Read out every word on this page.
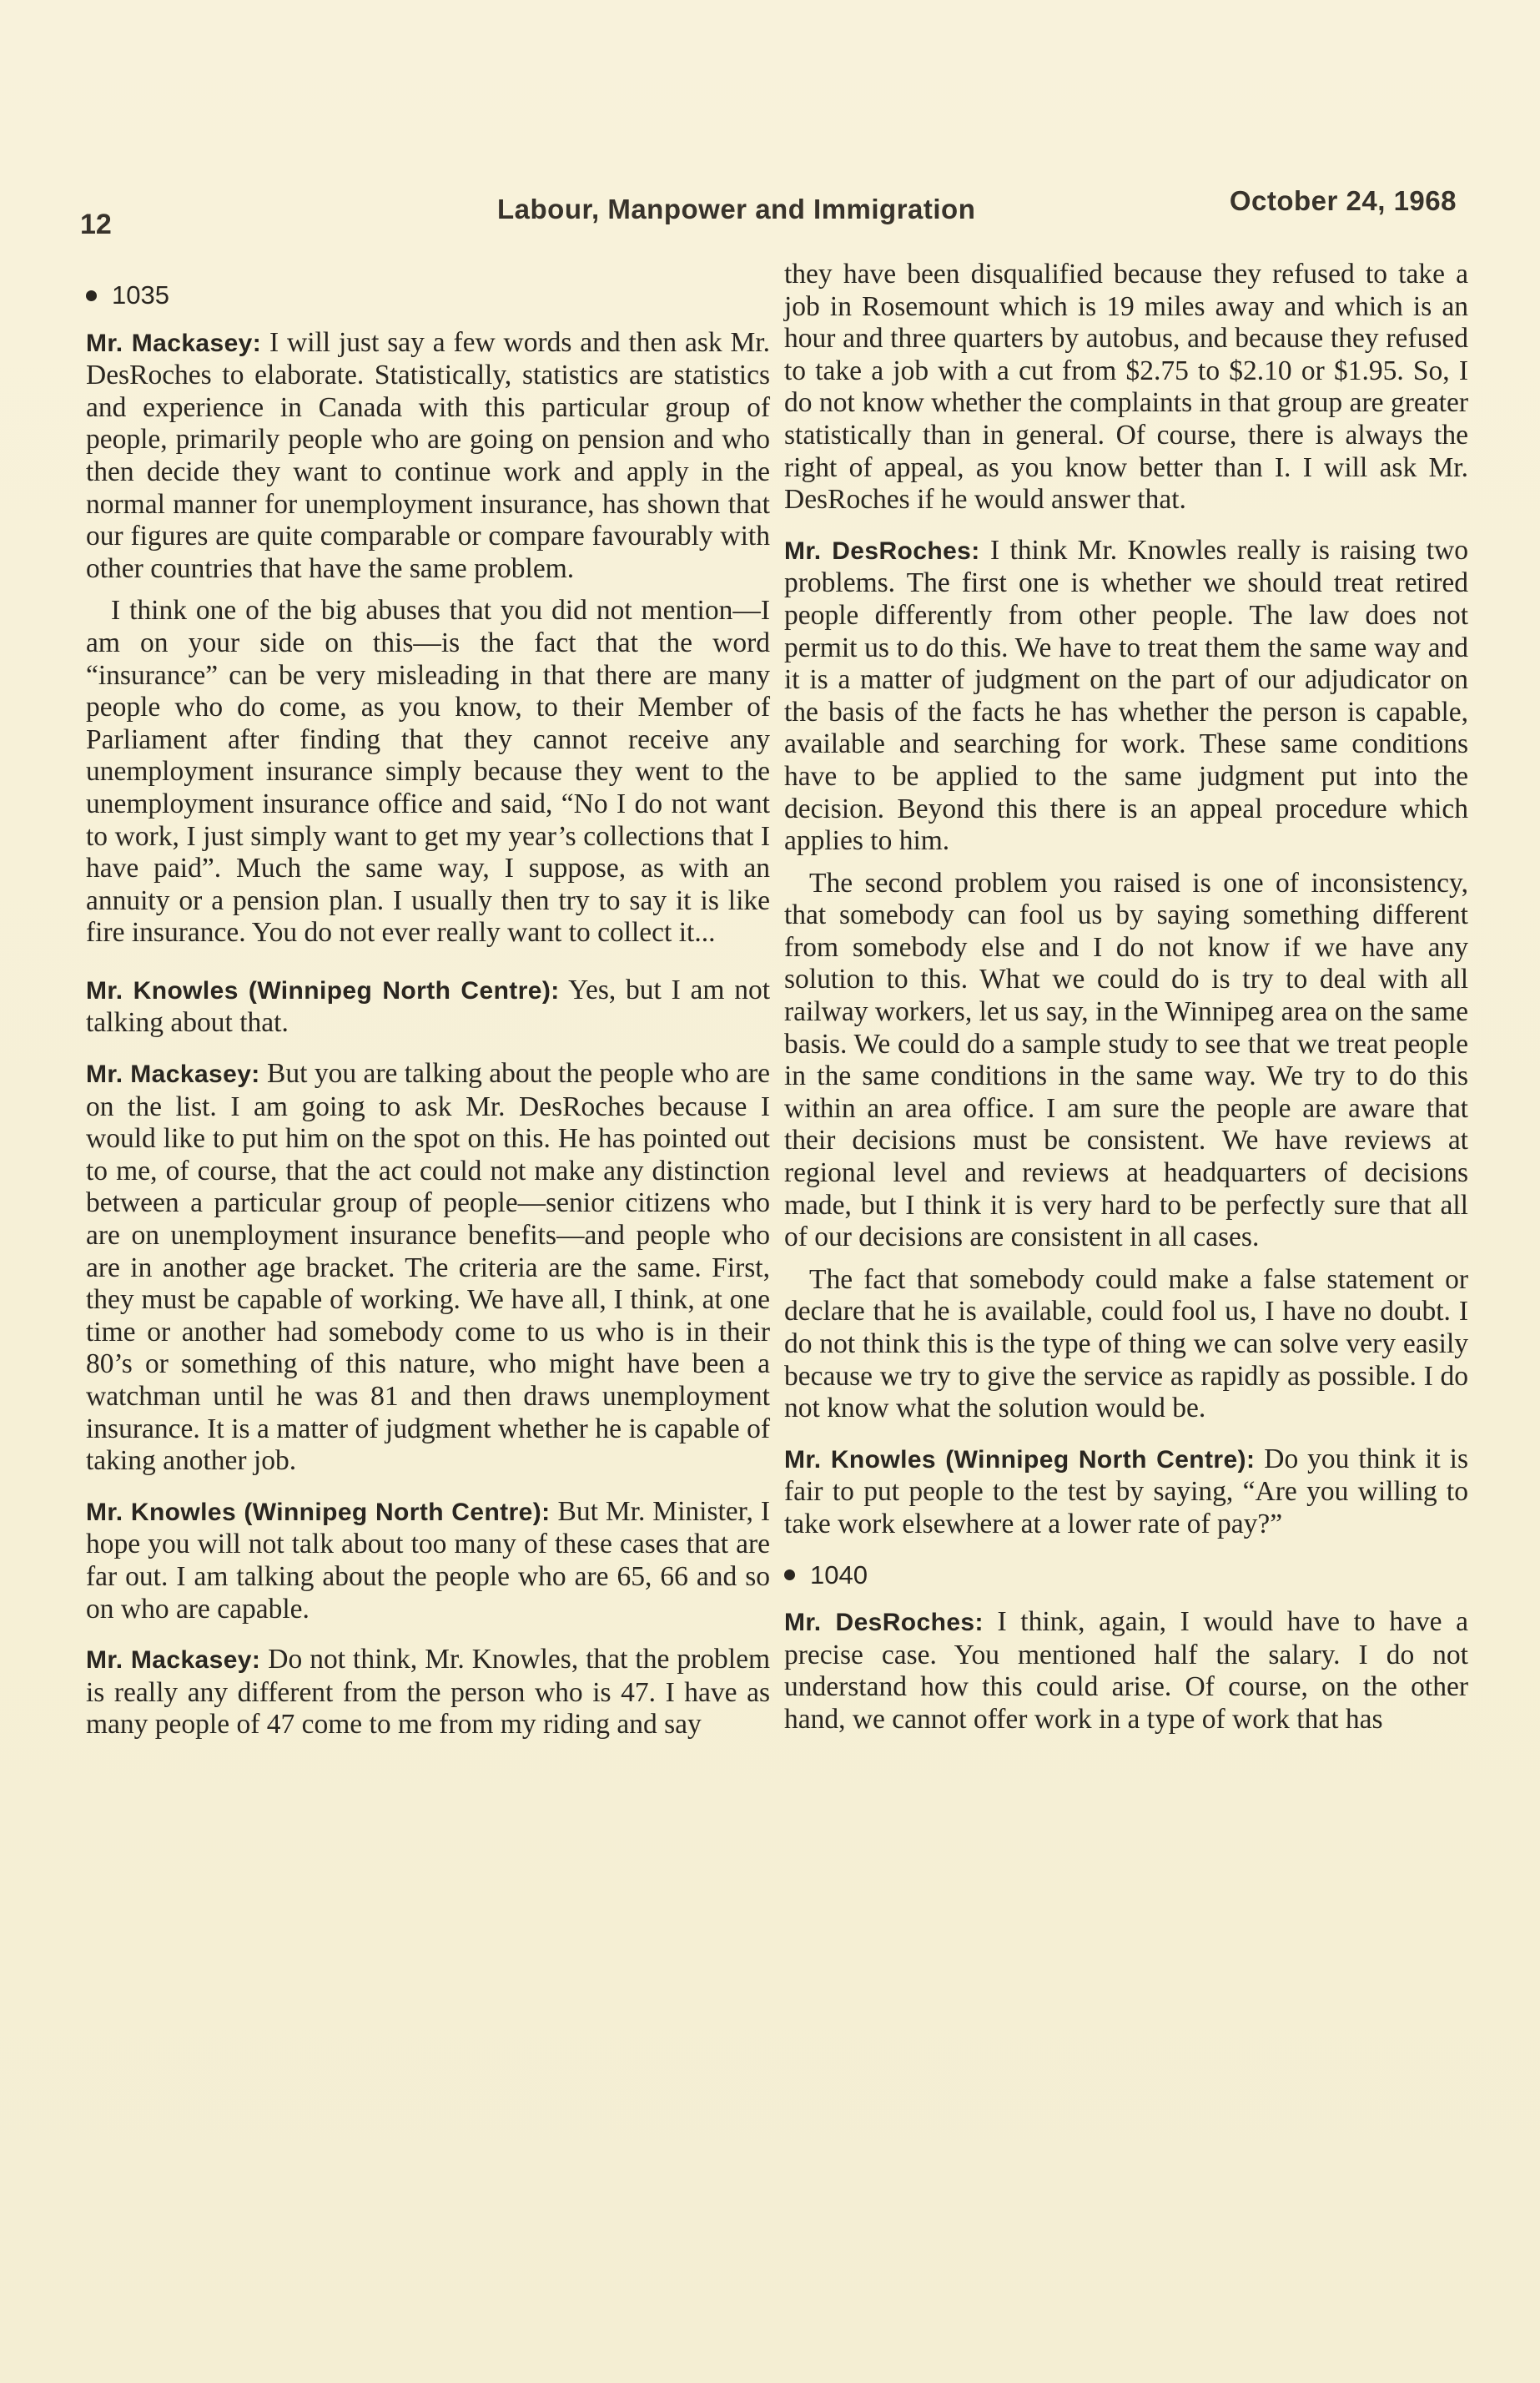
12	Labour, Manpower and Immigration	October 24, 1968
1035

Mr. Mackasey: I will just say a few words and then ask Mr. DesRoches to elaborate. Statistically, statistics are statistics and experience in Canada with this particular group of people, primarily people who are going on pension and who then decide they want to continue work and apply in the normal manner for unemployment insurance, has shown that our figures are quite comparable or compare favourably with other countries that have the same problem.

I think one of the big abuses that you did not mention—I am on your side on this—is the fact that the word “insurance” can be very misleading in that there are many people who do come, as you know, to their Member of Parliament after finding that they cannot receive any unemployment insurance simply because they went to the unemployment insurance office and said, “No I do not want to work, I just simply want to get my year’s collections that I have paid”. Much the same way, I suppose, as with an annuity or a pension plan. I usually then try to say it is like fire insurance. You do not ever really want to collect it...

Mr. Knowles (Winnipeg North Centre): Yes, but I am not talking about that.

Mr. Mackasey: But you are talking about the people who are on the list. I am going to ask Mr. DesRoches because I would like to put him on the spot on this. He has pointed out to me, of course, that the act could not make any distinction between a particular group of people—senior citizens who are on unemployment insurance benefits—and people who are in another age bracket. The criteria are the same. First, they must be capable of working. We have all, I think, at one time or another had somebody come to us who is in their 80’s or something of this nature, who might have been a watchman until he was 81 and then draws unemployment insurance. It is a matter of judgment whether he is capable of taking another job.

Mr. Knowles (Winnipeg North Centre): But Mr. Minister, I hope you will not talk about too many of these cases that are far out. I am talking about the people who are 65, 66 and so on who are capable.

Mr. Mackasey: Do not think, Mr. Knowles, that the problem is really any different from the person who is 47. I have as many people of 47 come to me from my riding and say

they have been disqualified because they refused to take a job in Rosemount which is 19 miles away and which is an hour and three quarters by autobus, and because they refused to take a job with a cut from $2.75 to $2.10 or $1.95. So, I do not know whether the complaints in that group are greater statistically than in general. Of course, there is always the right of appeal, as you know better than I. I will ask Mr. DesRoches if he would answer that.

Mr. DesRoches: I think Mr. Knowles really is raising two problems. The first one is whether we should treat retired people differently from other people. The law does not permit us to do this. We have to treat them the same way and it is a matter of judgment on the part of our adjudicator on the basis of the facts he has whether the person is capable, available and searching for work. These same conditions have to be applied to the same judgment put into the decision. Beyond this there is an appeal procedure which applies to him.

The second problem you raised is one of inconsistency, that somebody can fool us by saying something different from somebody else and I do not know if we have any solution to this. What we could do is try to deal with all railway workers, let us say, in the Winnipeg area on the same basis. We could do a sample study to see that we treat people in the same conditions in the same way. We try to do this within an area office. I am sure the people are aware that their decisions must be consistent. We have reviews at regional level and reviews at headquarters of decisions made, but I think it is very hard to be perfectly sure that all of our decisions are consistent in all cases.

The fact that somebody could make a false statement or declare that he is available, could fool us, I have no doubt. I do not think this is the type of thing we can solve very easily because we try to give the service as rapidly as possible. I do not know what the solution would be.

Mr. Knowles (Winnipeg North Centre): Do you think it is fair to put people to the test by saying, “Are you willing to take work elsewhere at a lower rate of pay?”

1040

Mr. DesRoches: I think, again, I would have to have a precise case. You mentioned half the salary. I do not understand how this could arise. Of course, on the other hand, we cannot offer work in a type of work that has
